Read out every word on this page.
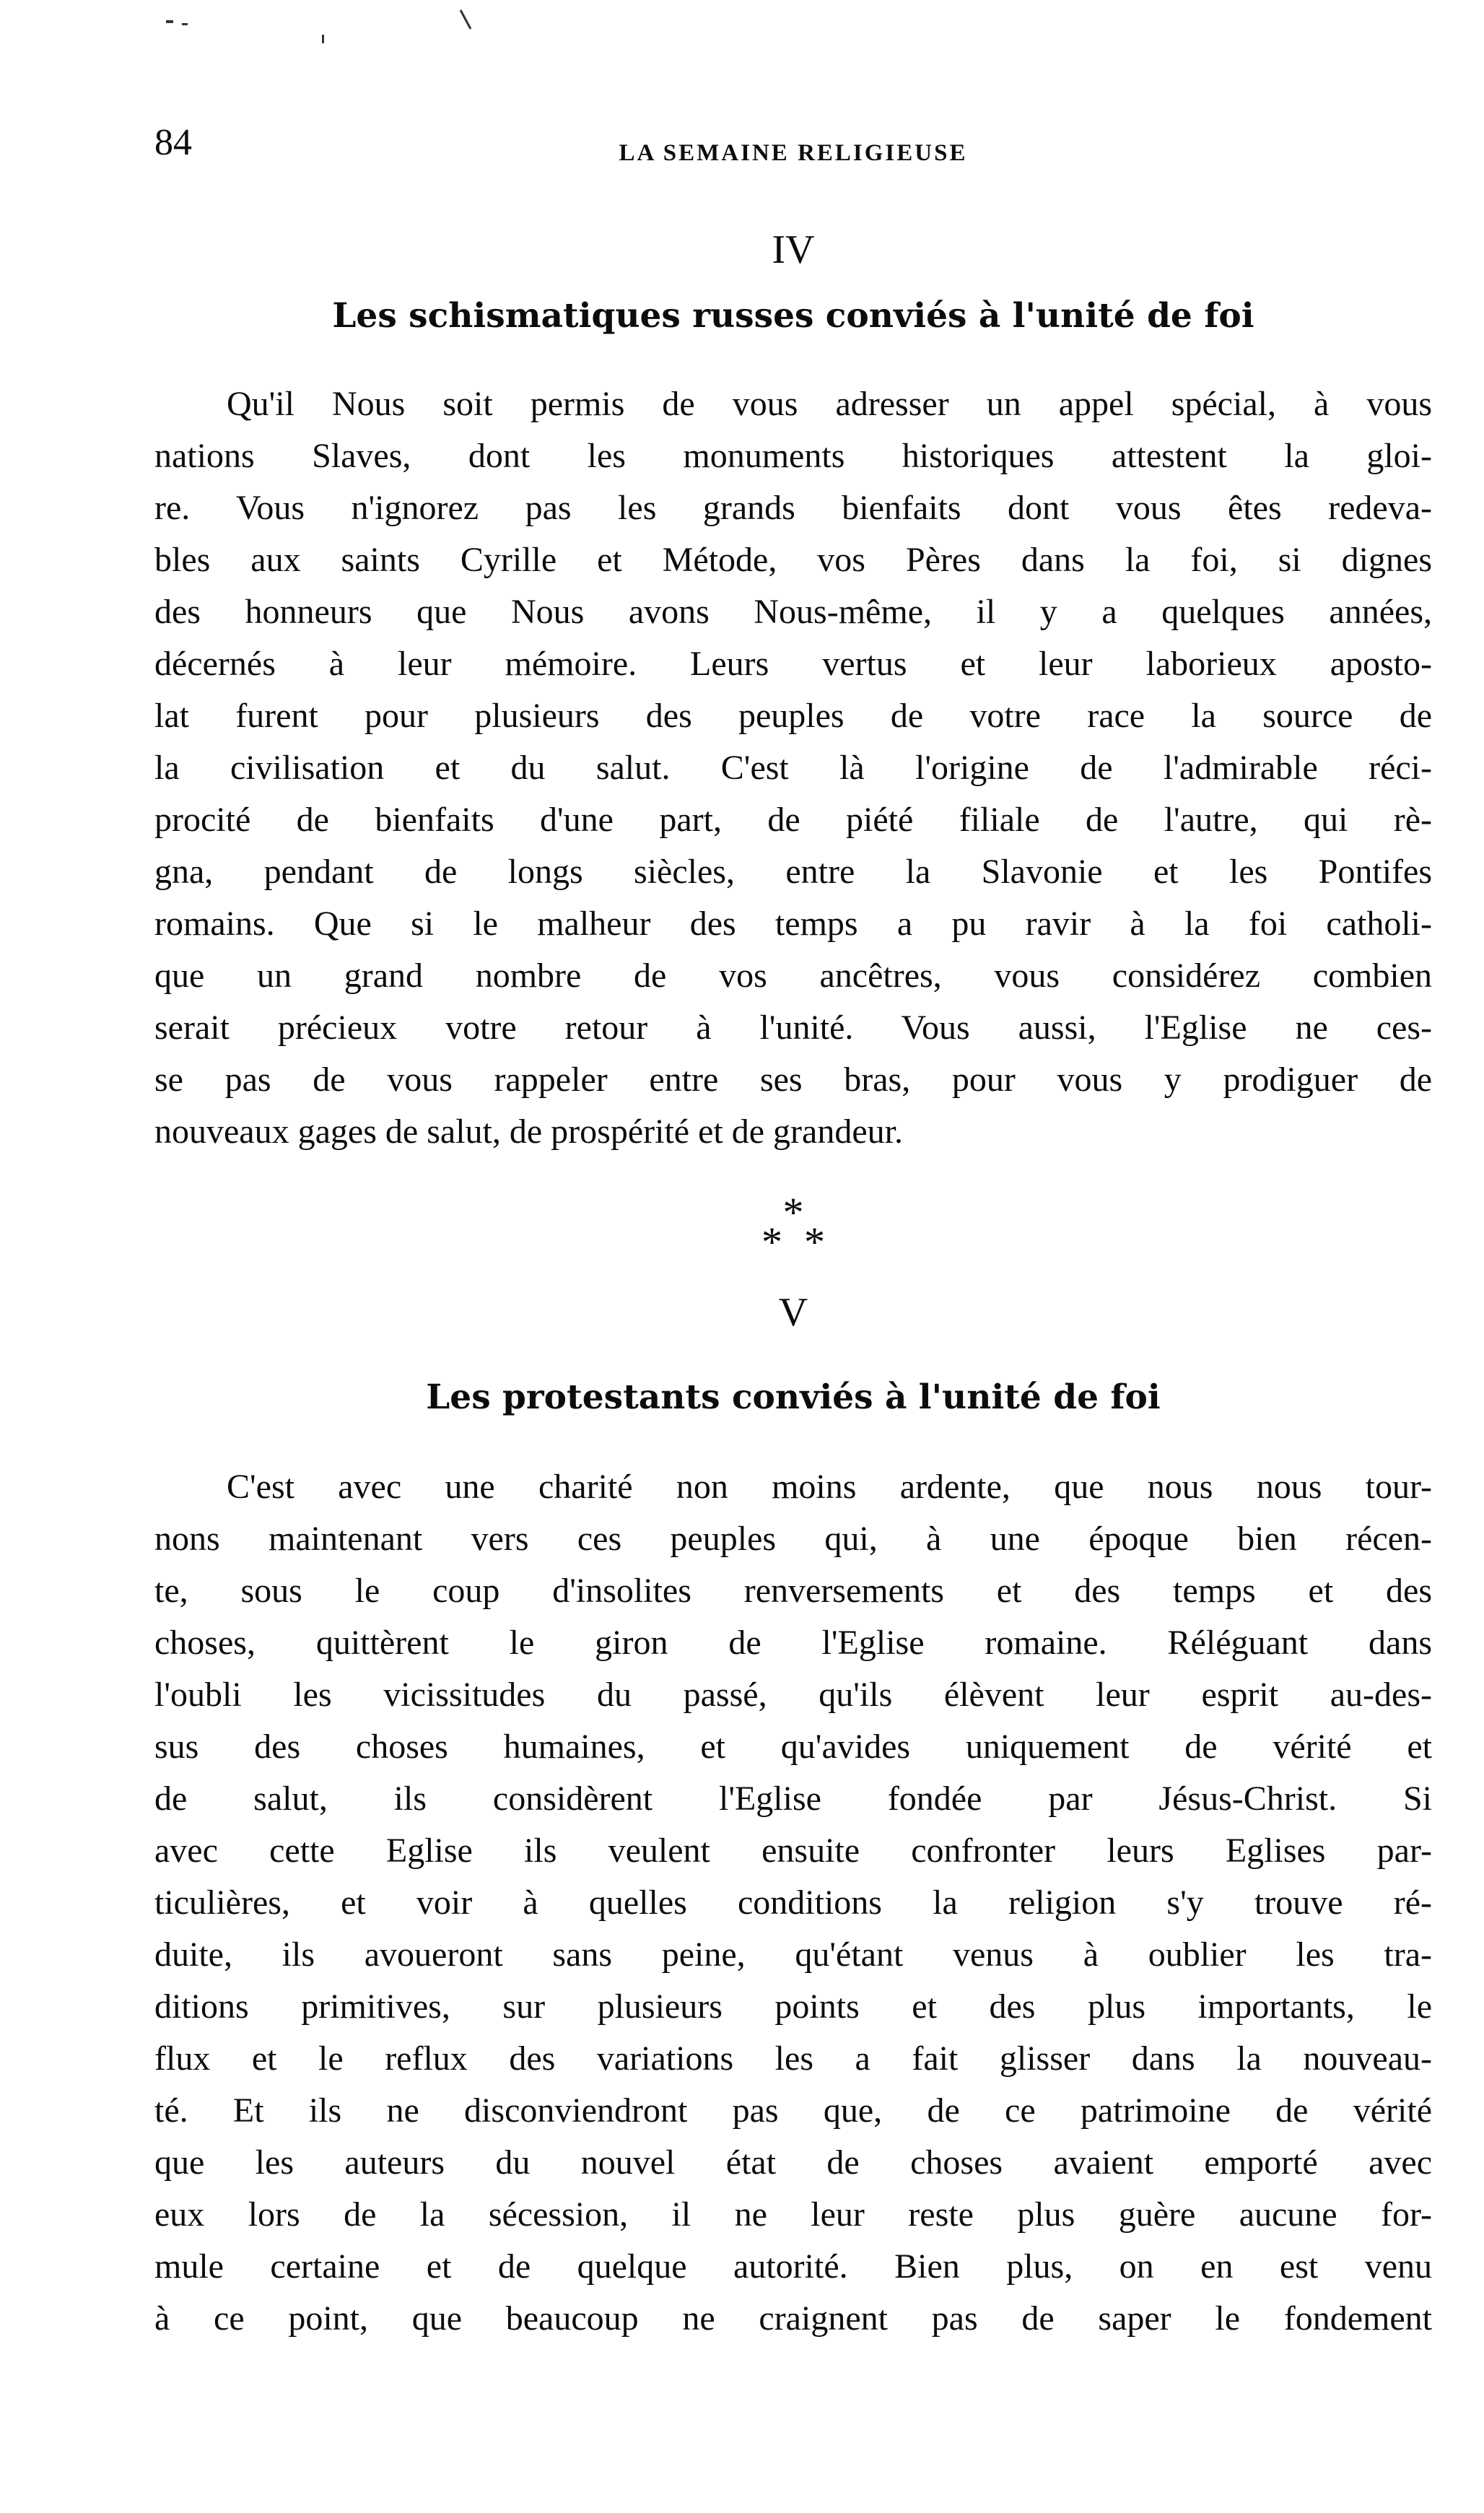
84	LA SEMAINE RELIGIEUSE
IV
Les schismatiques russes conviés à l'unité de foi
Qu'il Nous soit permis de vous adresser un appel spécial, à vous
nations Slaves, dont les monuments historiques attestent la gloi-
re. Vous n'ignorez pas les grands bienfaits dont vous êtes redeva-
bles aux saints Cyrille et Métode, vos Pères dans la foi, si dignes
des honneurs que Nous avons Nous-même, il y a quelques années,
décernés à leur mémoire. Leurs vertus et leur laborieux aposto-
lat furent pour plusieurs des peuples de votre race la source de
la civilisation et du salut. C'est là l'origine de l'admirable réci-
procité de bienfaits d'une part, de piété filiale de l'autre, qui rè-
gna, pendant de longs siècles, entre la Slavonie et les Pontifes
romains. Que si le malheur des temps a pu ravir à la foi catholi-
que un grand nombre de vos ancêtres, vous considérez combien
serait précieux votre retour à l'unité. Vous aussi, l'Eglise ne ces-
se pas de vous rappeler entre ses bras, pour vous y prodiguer de
nouveaux gages de salut, de prospérité et de grandeur.
*
* *
V
Les protestants conviés à l'unité de foi
C'est avec une charité non moins ardente, que nous nous tour-
nons maintenant vers ces peuples qui, à une époque bien récen-
te, sous le coup d'insolites renversements et des temps et des
choses, quittèrent le giron de l'Eglise romaine. Réléguant dans
l'oubli les vicissitudes du passé, qu'ils élèvent leur esprit au-des-
sus des choses humaines, et qu'avides uniquement de vérité et
de salut, ils considèrent l'Eglise fondée par Jésus-Christ. Si
avec cette Eglise ils veulent ensuite confronter leurs Eglises par-
ticulières, et voir à quelles conditions la religion s'y trouve ré-
duite, ils avoueront sans peine, qu'étant venus à oublier les tra-
ditions primitives, sur plusieurs points et des plus importants, le
flux et le reflux des variations les a fait glisser dans la nouveau-
té. Et ils ne disconviendront pas que, de ce patrimoine de vérité
que les auteurs du nouvel état de choses avaient emporté avec
eux lors de la sécession, il ne leur reste plus guère aucune for-
mule certaine et de quelque autorité. Bien plus, on en est venu
à ce point, que beaucoup ne craignent pas de saper le fondement
